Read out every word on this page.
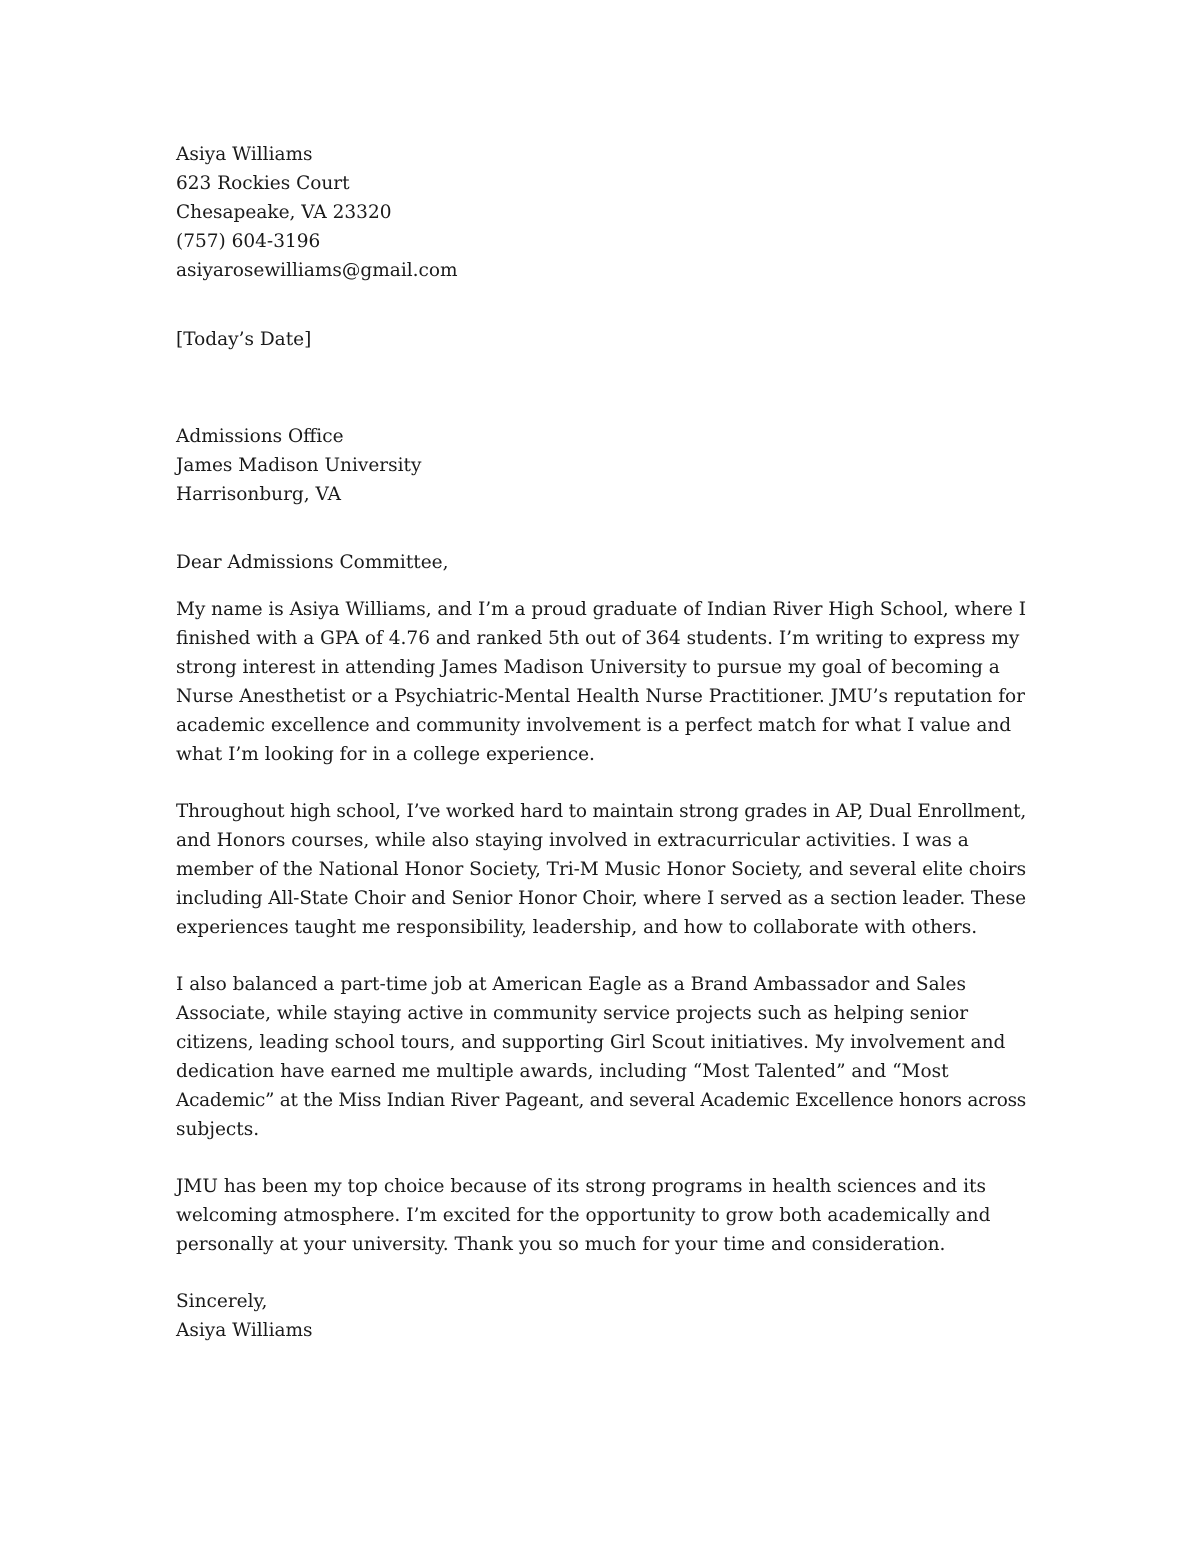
Asiya Williams
623 Rockies Court
Chesapeake, VA 23320
(757) 604-3196
asiyarosewilliams@gmail.com
[Today’s Date]
Admissions Office
James Madison University
Harrisonburg, VA
Dear Admissions Committee,
My name is Asiya Williams, and I’m a proud graduate of Indian River High School, where I
finished with a GPA of 4.76 and ranked 5th out of 364 students. I’m writing to express my
strong interest in attending James Madison University to pursue my goal of becoming a
Nurse Anesthetist or a Psychiatric-Mental Health Nurse Practitioner. JMU’s reputation for
academic excellence and community involvement is a perfect match for what I value and
what I’m looking for in a college experience.
Throughout high school, I’ve worked hard to maintain strong grades in AP, Dual Enrollment,
and Honors courses, while also staying involved in extracurricular activities. I was a
member of the National Honor Society, Tri-M Music Honor Society, and several elite choirs
including All-State Choir and Senior Honor Choir, where I served as a section leader. These
experiences taught me responsibility, leadership, and how to collaborate with others.
I also balanced a part-time job at American Eagle as a Brand Ambassador and Sales
Associate, while staying active in community service projects such as helping senior
citizens, leading school tours, and supporting Girl Scout initiatives. My involvement and
dedication have earned me multiple awards, including “Most Talented” and “Most
Academic” at the Miss Indian River Pageant, and several Academic Excellence honors across
subjects.
JMU has been my top choice because of its strong programs in health sciences and its
welcoming atmosphere. I’m excited for the opportunity to grow both academically and
personally at your university. Thank you so much for your time and consideration.
Sincerely,
Asiya Williams
